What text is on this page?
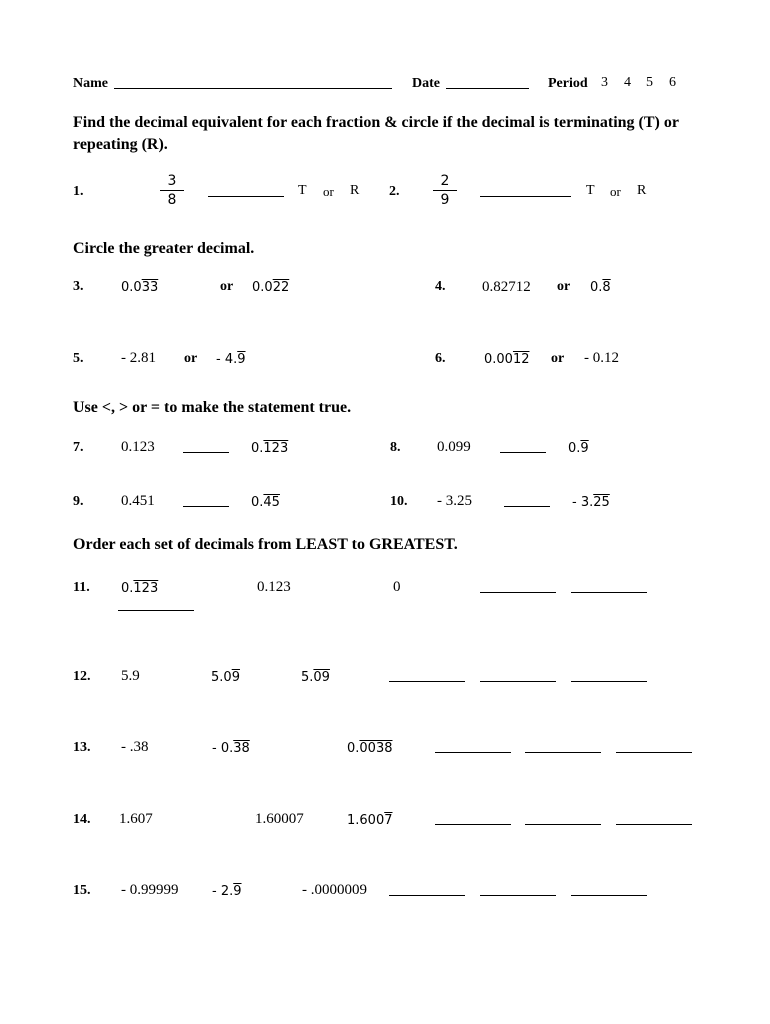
Name	Date	Period 3 4 5 6
Find the decimal equivalent for each fraction & circle if the decimal is terminating (T) or repeating (R).
1.	$\frac{3}{8}$	T or R 2. $\frac{2}{9}$	T or R
Circle the greater decimal.
3.	0.033	or 0.022	4. 0.82712 or 0.8
5.	- 2.81 or - 4.9	6.	0.0012 or - 0.12
Use <, > or = to make the statement true.
7.	0.123	0.123	8. 0.099	0.9
9.	0.451	0.45	10. - 3.25	- 3.25
Order each set of decimals from LEAST to GREATEST.
11. 0.123	0.123	0
12. 5.9	5.09	5.09
13. - .38	- 0.38	0.0038
14. 1.607	1.60007	1.6007
15. - 0.99999	- 2.9	- .0000009
